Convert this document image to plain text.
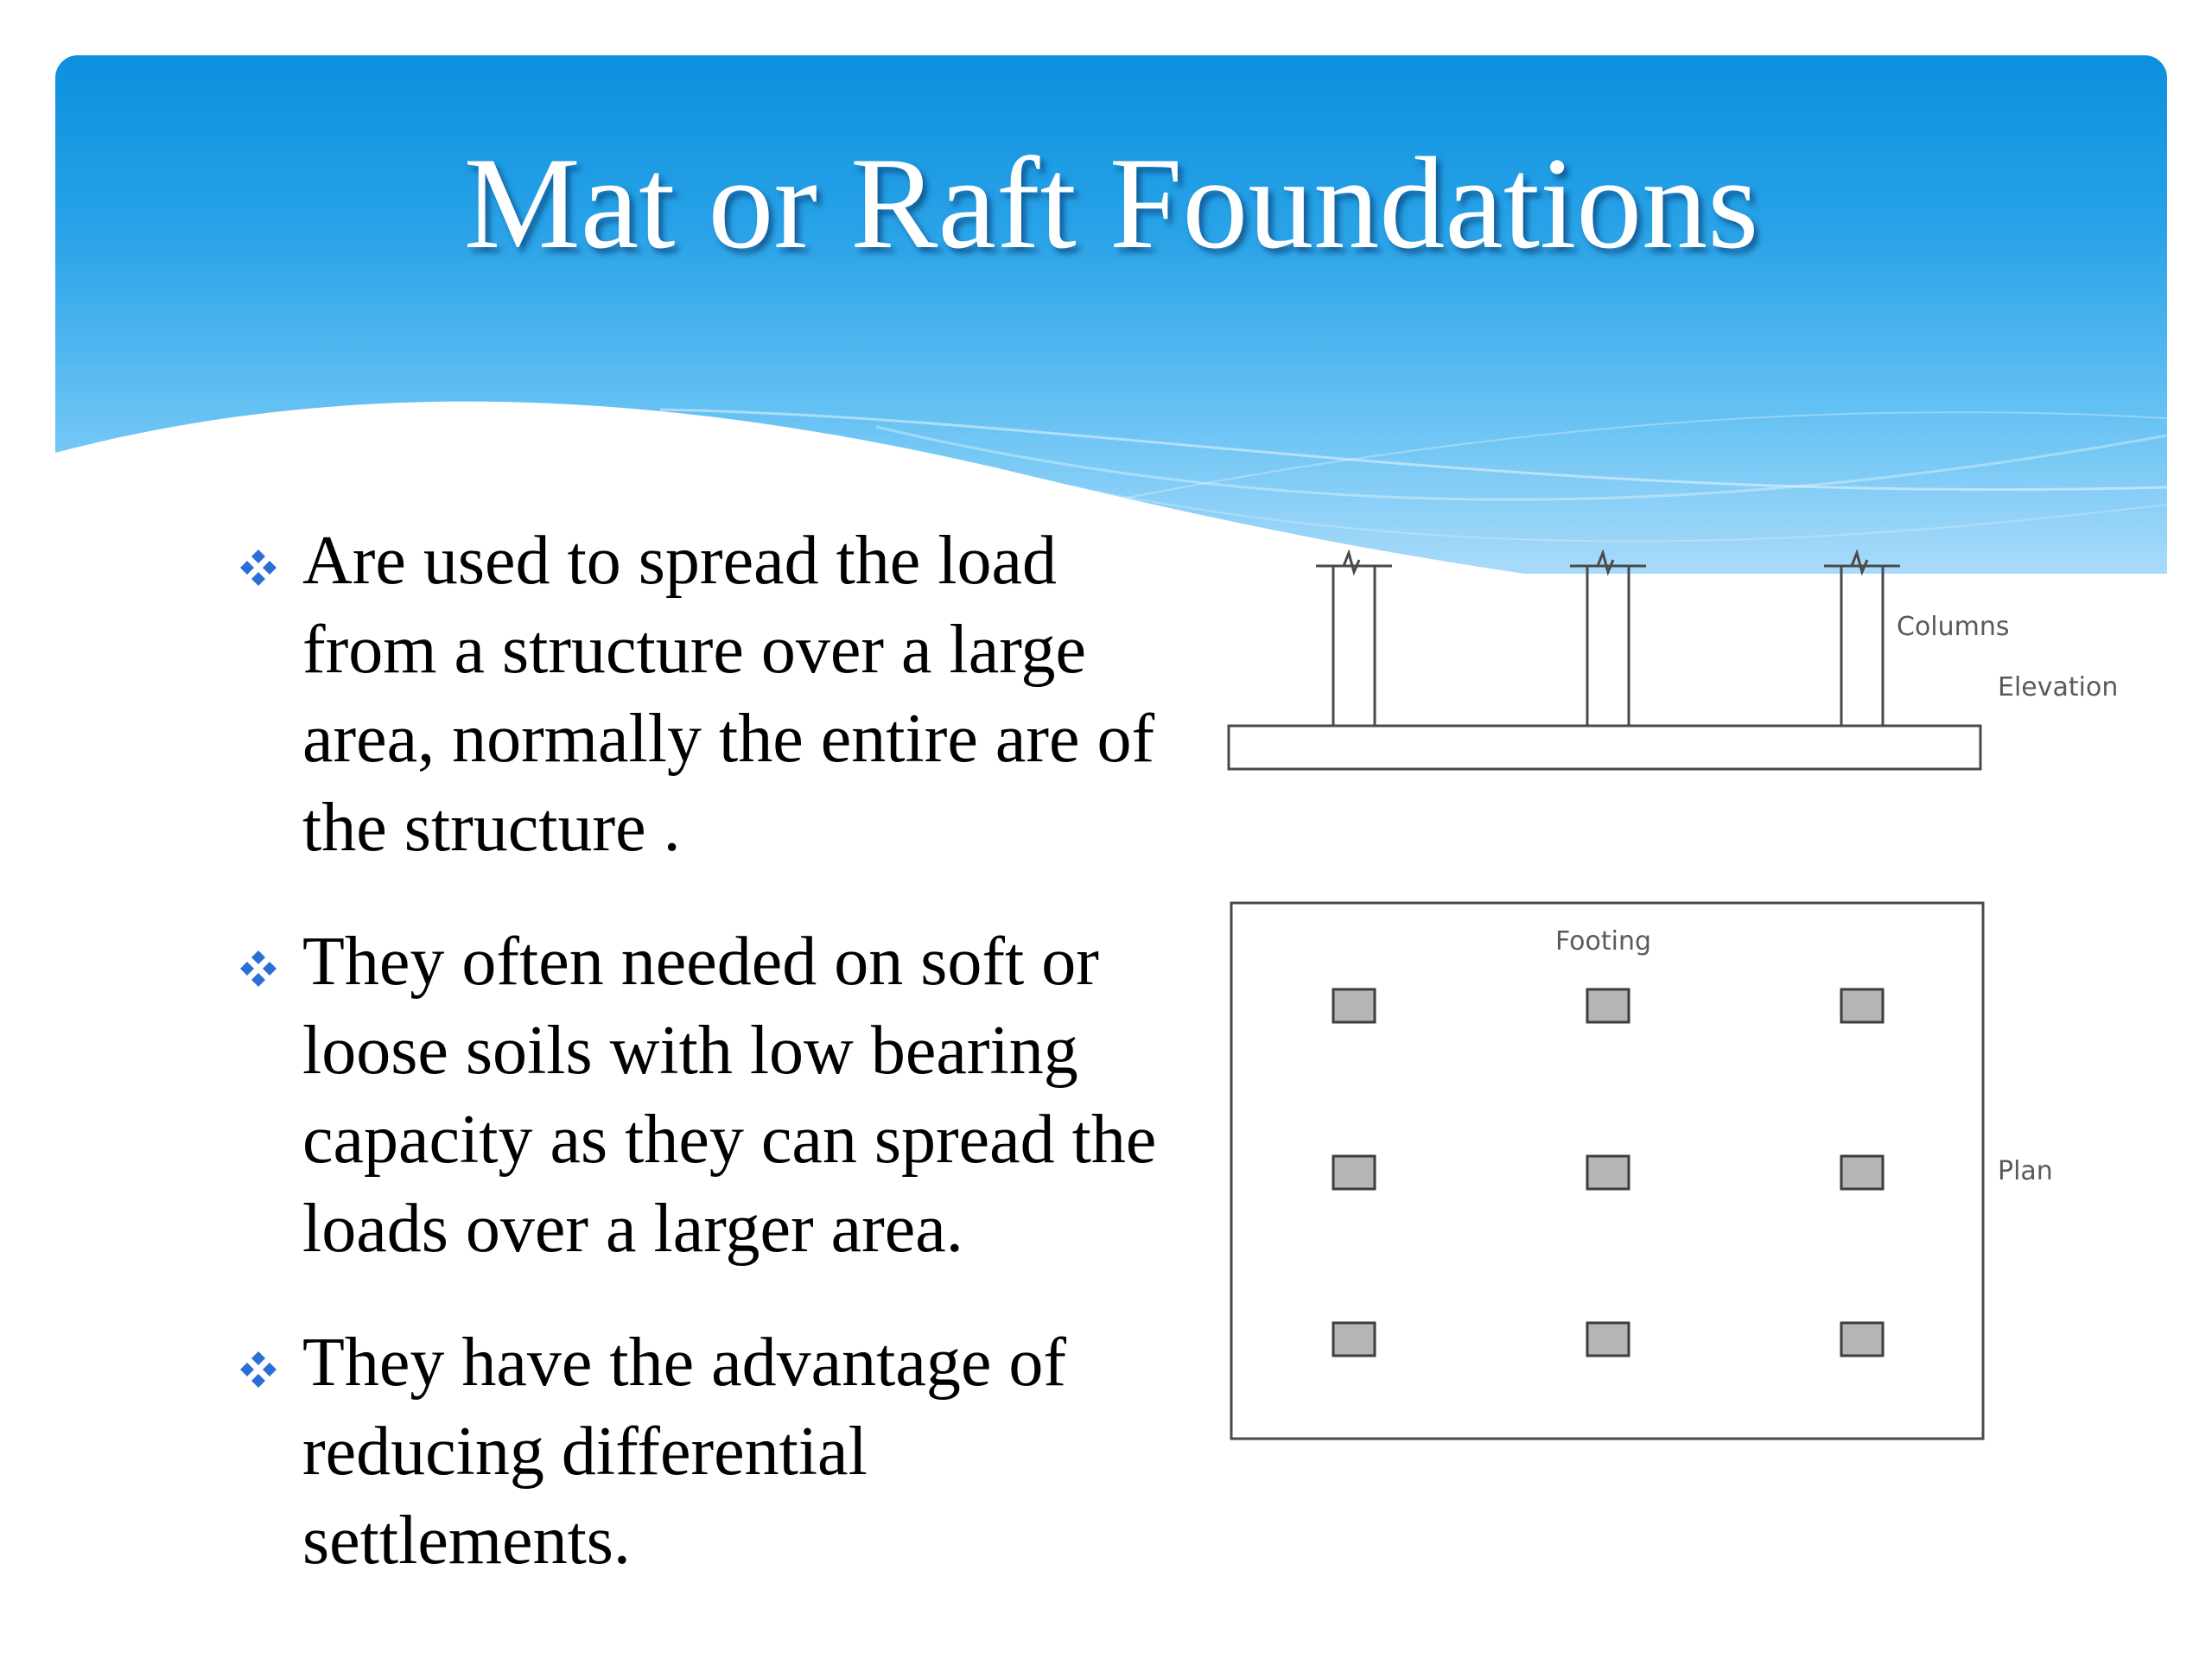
Mat or Raft Foundations
Are used to spread the load from a structure over a large area, normally the entire are of the structure .
They often needed on soft or loose soils with low bearing capacity as they can spread the loads over a larger area.
They have the advantage of reducing differential settlements.
Columns
Elevation
Footing
Plan
